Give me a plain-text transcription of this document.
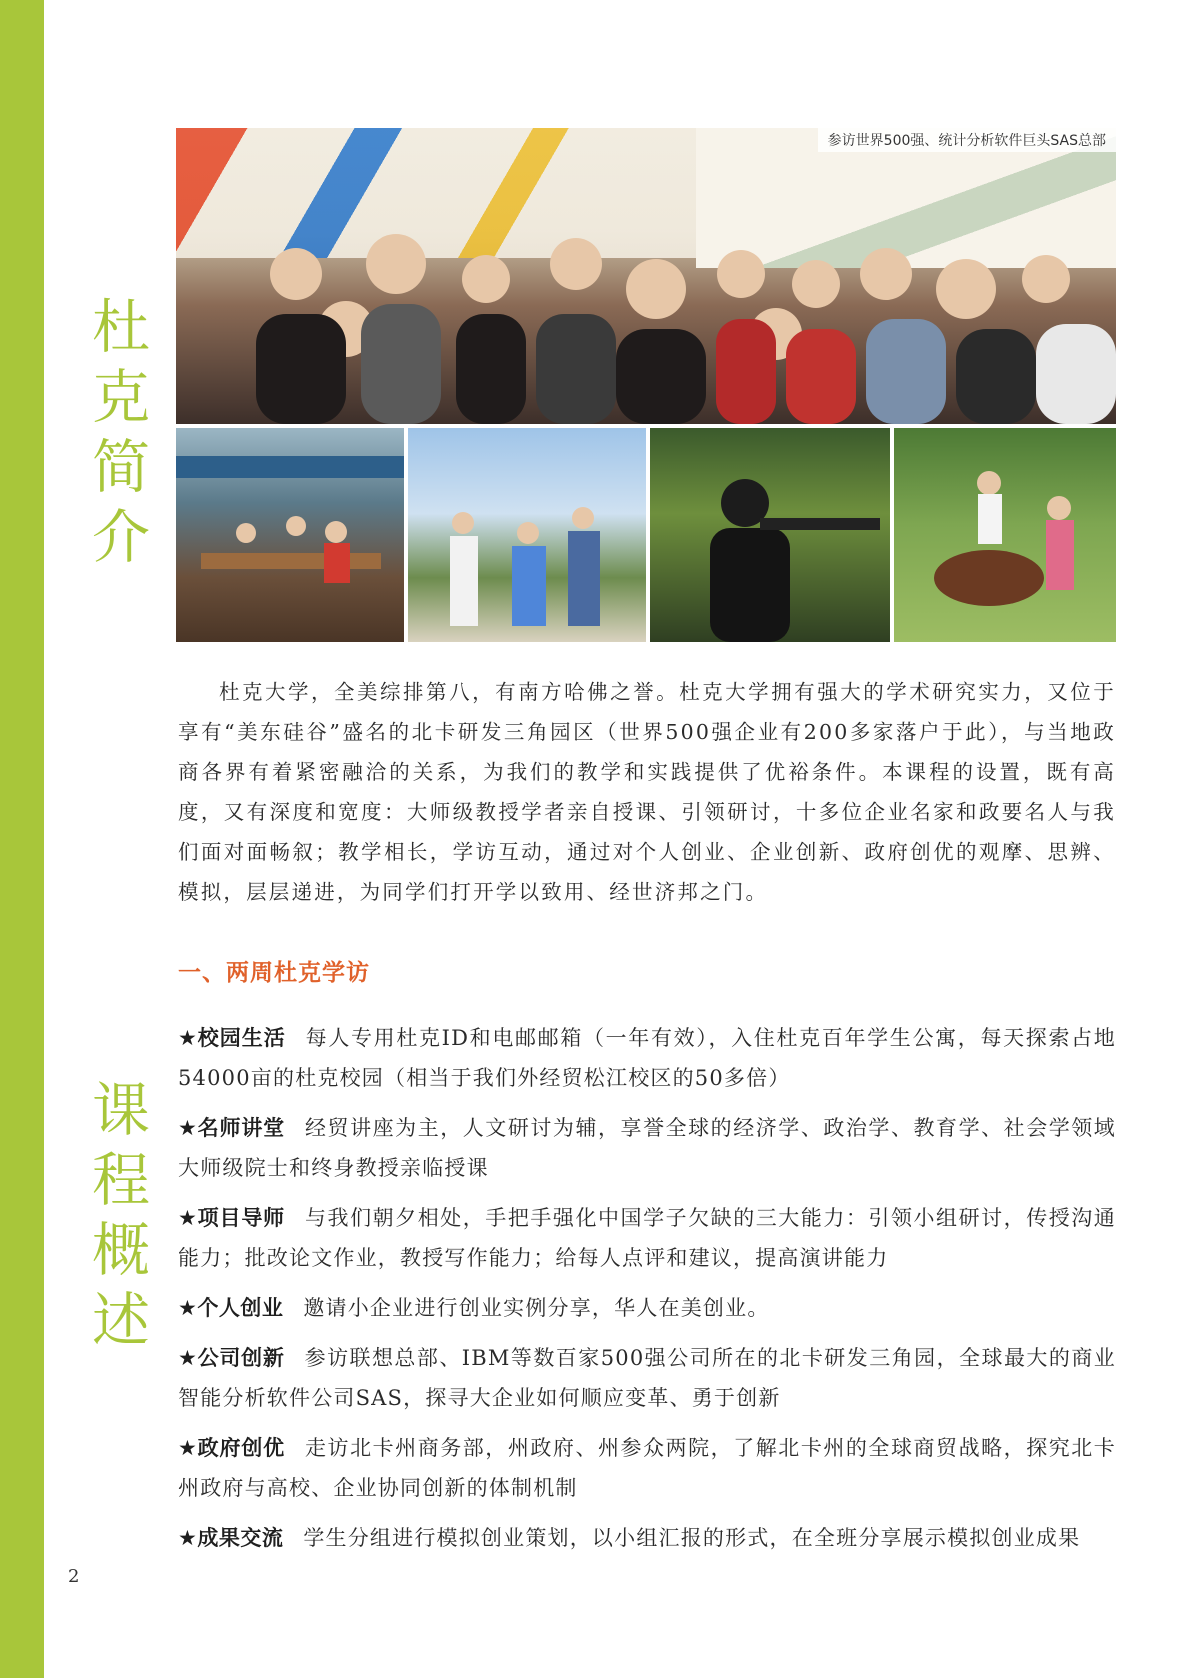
杜
克
简
介
课
程
概
述
参访世界500强、统计分析软件巨头SAS总部

杜克大学，全美综排第八，有南方哈佛之誉。杜克大学拥有强大的学术研究实力，又位于享有“美东硅谷”盛名的北卡研发三角园区（世界500强企业有200多家落户于此），与当地政商各界有着紧密融洽的关系，为我们的教学和实践提供了优裕条件。本课程的设置，既有高度，又有深度和宽度：大师级教授学者亲自授课、引领研讨，十多位企业名家和政要名人与我们面对面畅叙；教学相长，学访互动，通过对个人创业、企业创新、政府创优的观摩、思辨、模拟，层层递进，为同学们打开学以致用、经世济邦之门。

一、两周杜克学访
★校园生活 每人专用杜克ID和电邮邮箱（一年有效），入住杜克百年学生公寓，每天探索占地54000亩的杜克校园（相当于我们外经贸松江校区的50多倍）
★名师讲堂 经贸讲座为主，人文研讨为辅，享誉全球的经济学、政治学、教育学、社会学领域大师级院士和终身教授亲临授课
★项目导师 与我们朝夕相处，手把手强化中国学子欠缺的三大能力：引领小组研讨，传授沟通能力；批改论文作业，教授写作能力；给每人点评和建议，提高演讲能力
★个人创业 邀请小企业进行创业实例分享，华人在美创业。
★公司创新 参访联想总部、IBM等数百家500强公司所在的北卡研发三角园，全球最大的商业智能分析软件公司SAS，探寻大企业如何顺应变革、勇于创新
★政府创优 走访北卡州商务部，州政府、州参众两院，了解北卡州的全球商贸战略，探究北卡州政府与高校、企业协同创新的体制机制
★成果交流 学生分组进行模拟创业策划，以小组汇报的形式，在全班分享展示模拟创业成果
2
